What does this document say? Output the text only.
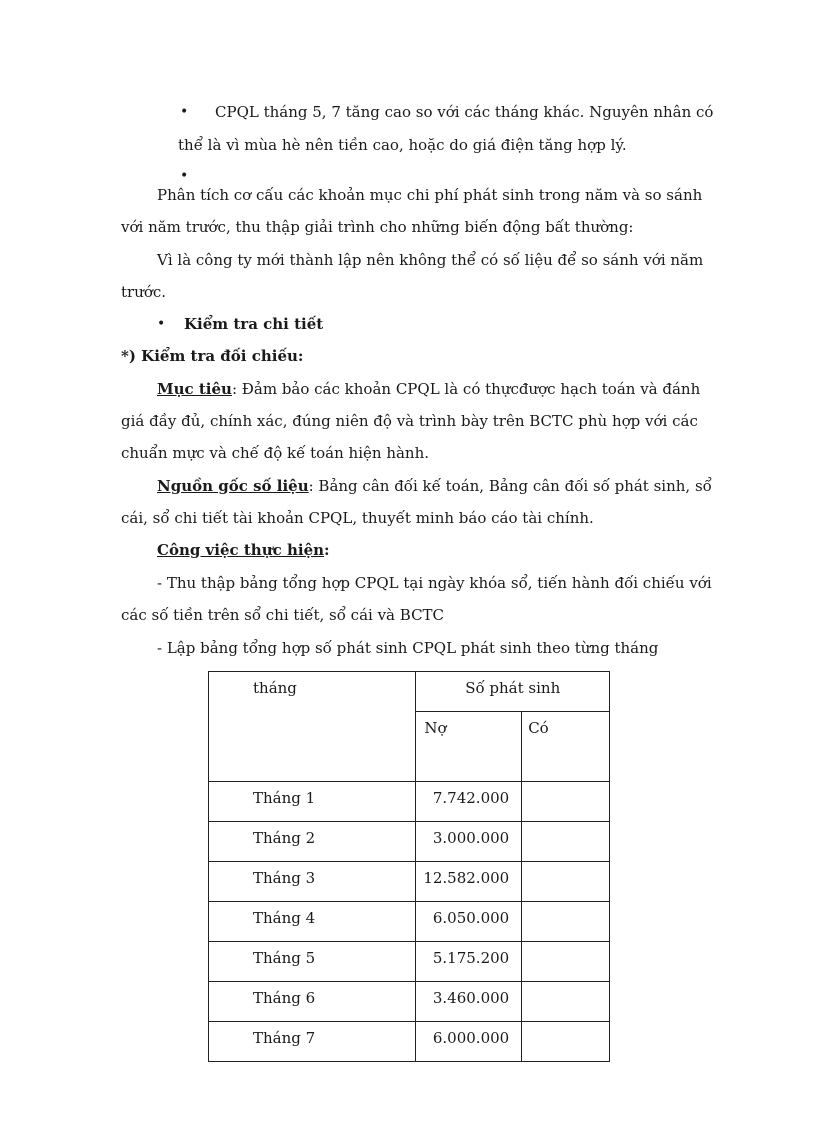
•
•
•
CPQL tháng 5, 7 tăng cao so với các tháng khác. Nguyên nhân có
thể là vì mùa hè nên tiền cao, hoặc do giá điện tăng hợp lý.
Phân tích cơ cấu các khoản mục chi phí phát sinh trong năm và so sánh
với năm trước, thu thập giải trình cho những biến động bất thường:
Vì là công ty mới thành lập nên không thể có số liệu để so sánh với năm
trước.
Kiểm tra chi tiết
*) Kiểm tra đối chiếu:
Mục tiêu: Đảm bảo các khoản CPQL là có thựcđược hạch toán và đánh
giá đầy đủ, chính xác, đúng niên độ và trình bày trên BCTC phù hợp với các
chuẩn mực và chế độ kế toán hiện hành.
Nguồn gốc số liệu: Bảng cân đối kế toán, Bảng cân đối số phát sinh, sổ
cái, sổ chi tiết tài khoản CPQL, thuyết minh báo cáo tài chính.
Công việc thực hiện:
- Thu thập bảng tổng hợp CPQL tại ngày khóa sổ, tiến hành đối chiếu với
các số tiền trên sổ chi tiết, sổ cái và BCTC
- Lập bảng tổng hợp số phát sinh CPQL phát sinh theo từng tháng
tháng	Số phát sinh	
	Nợ	Có
Tháng 1	7.742.000	
Tháng 2	3.000.000	
Tháng 3	12.582.000	
Tháng 4	6.050.000	
Tháng 5	5.175.200	
Tháng 6	3.460.000	
Tháng 7	6.000.000	
